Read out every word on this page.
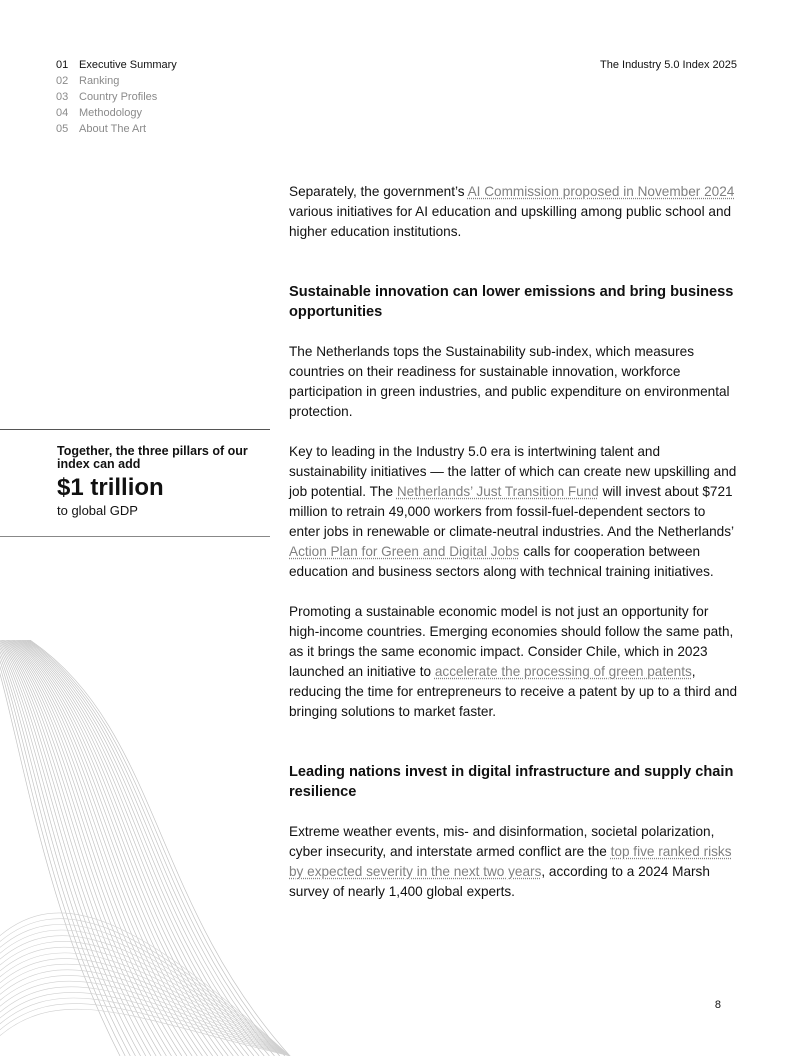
01 Executive Summary
02 Ranking
03 Country Profiles
04 Methodology
05 About The Art
The Industry 5.0 Index 2025
Together, the three pillars of our index can add
$1 trillion
to global GDP

Separately, the government’s AI Commission proposed in November 2024 various initiatives for AI education and upskilling among public school and higher education institutions.

Sustainable innovation can lower emissions and bring business opportunities

The Netherlands tops the Sustainability sub-index, which measures countries on their readiness for sustainable innovation, workforce participation in green industries, and public expenditure on environmental protection.

Key to leading in the Industry 5.0 era is intertwining talent and sustainability initiatives — the latter of which can create new upskilling and job potential. The Netherlands’ Just Transition Fund will invest about $721 million to retrain 49,000 workers from fossil-fuel-dependent sectors to enter jobs in renewable or climate-neutral industries. And the Netherlands’ Action Plan for Green and Digital Jobs calls for cooperation between education and business sectors along with technical training initiatives.

Promoting a sustainable economic model is not just an opportunity for high-income countries. Emerging economies should follow the same path, as it brings the same economic impact. Consider Chile, which in 2023 launched an initiative to accelerate the processing of green patents, reducing the time for entrepreneurs to receive a patent by up to a third and bringing solutions to market faster.

Leading nations invest in digital infrastructure and supply chain resilience

Extreme weather events, mis- and disinformation, societal polarization, cyber insecurity, and interstate armed conflict are the top five ranked risks by expected severity in the next two years, according to a 2024 Marsh survey of nearly 1,400 global experts.

8
